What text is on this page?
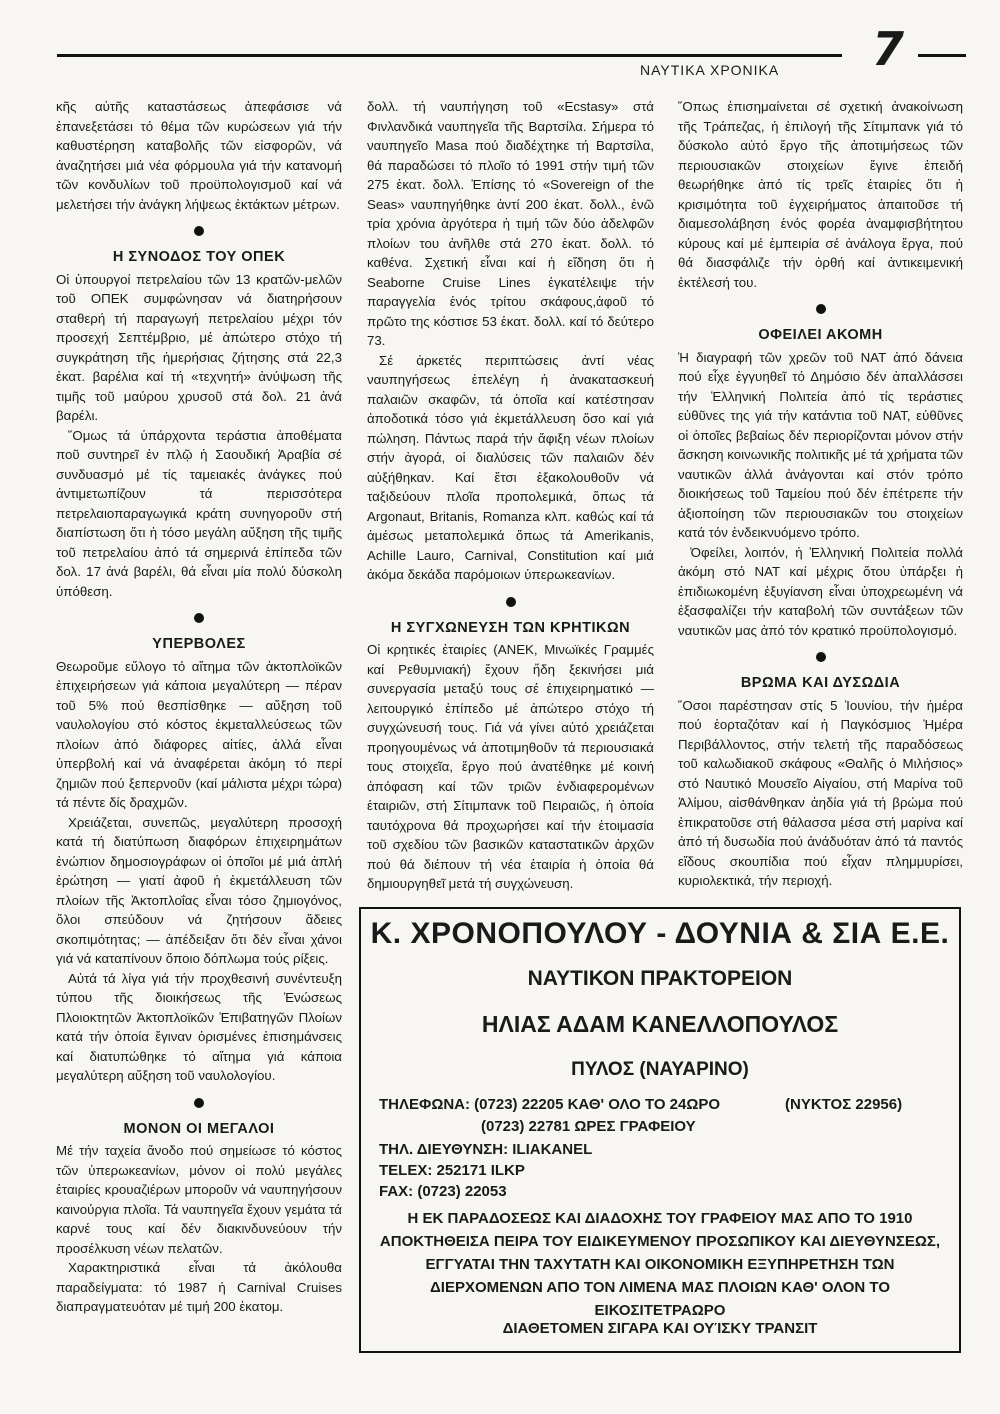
7
ΝΑΥΤΙΚΑ ΧΡΟΝΙΚΑ

κῆς αὐτῆς καταστάσεως ἀπεφάσισε νά ἐπανεξετάσει τό θέμα τῶν κυρώσεων γιά τήν καθυστέρηση καταβολῆς τῶν εἰσφορῶν, νά ἀναζητήσει μιά νέα φόρμουλα γιά τήν κατανομή τῶν κονδυλίων τοῦ προϋπολογισμοῦ καί νά μελετήσει τήν ἀνάγκη λήψεως ἐκτάκτων μέτρων.

Η ΣΥΝΟΔΟΣ ΤΟΥ ΟΠΕΚ

Οἱ ὑπουργοί πετρελαίου τῶν 13 κρατῶν-μελῶν τοῦ ΟΠΕΚ συμφώνησαν νά διατηρήσουν σταθερή τή παραγωγή πετρελαίου μέχρι τόν προσεχή Σεπτέμβριο, μέ ἀπώτερο στόχο τή συγκράτηση τῆς ἡμερήσιας ζήτησης στά 22,3 ἑκατ. βαρέλια καί τή «τεχνητή» ἀνύψωση τῆς τιμῆς τοῦ μαύρου χρυσοῦ στά δολ. 21 ἀνά βαρέλι.

῞Ομως τά ὑπάρχοντα τεράστια ἀποθέματα ποῦ συντηρεῖ ἐν πλῷ ἡ Σαουδική Ἀραβία σέ συνδυασμό μέ τίς ταμειακές ἀνάγκες πού ἀντιμετωπίζουν τά περισσότερα πετρελαιοπαραγωγικά κράτη συνηγοροῦν στή διαπίστωση ὅτι ἡ τόσο μεγάλη αὔξηση τῆς τιμῆς τοῦ πετρελαίου ἀπό τά σημερινά ἐπίπεδα τῶν δολ. 17 ἀνά βαρέλι, θά εἶναι μία πολύ δύσκολη ὑπόθεση.

ΥΠΕΡΒΟΛΕΣ

Θεωροῦμε εὔλογο τό αἴτημα τῶν ἀκτοπλοϊκῶν ἐπιχειρήσεων γιά κάποια μεγαλύτερη — πέραν τοῦ 5% πού θεσπίσθηκε — αὔξηση τοῦ ναυλολογίου στό κόστος ἐκμεταλλεύσεως τῶν πλοίων ἀπό διάφορες αἰτίες, ἀλλά εἶναι ὑπερβολή καί νά ἀναφέρεται ἀκόμη τό περί ζημιῶν πού ξεπερνοῦν (καί μάλιστα μέχρι τώρα) τά πέντε δίς δραχμῶν.

Χρειάζεται, συνεπῶς, μεγαλύτερη προσοχή κατά τή διατύπωση διαφόρων ἐπιχειρημάτων ἐνώπιον δημοσιογράφων οἱ ὁποῖοι μέ μιά ἁπλή ἐρώτηση — γιατί ἀφοῦ ἡ ἐκμετάλλευση τῶν πλοίων τῆς Ἀκτοπλοΐας εἶναι τόσο ζημιογόνος, ὅλοι σπεύδουν νά ζητήσουν ἄδειες σκοπιμότητας; — ἀπέδειξαν ὅτι δέν εἶναι χάνοι γιά νά καταπίνουν ὅποιο δόπλωμα τούς ρίξεις.

Αὐτά τά λίγα γιά τήν προχθεσινή συνέντευξη τύπου τῆς διοικήσεως τῆς Ἑνώσεως Πλοιοκτητῶν Ἀκτοπλοϊκῶν Ἐπιβατηγῶν Πλοίων κατά τήν ὁποία ἔγιναν ὁρισμένες ἐπισημάνσεις καί διατυπώθηκε τό αἴτημα γιά κάποια μεγαλύτερη αὔξηση τοῦ ναυλολογίου.

ΜΟΝΟΝ ΟΙ ΜΕΓΑΛΟΙ

Μέ τήν ταχεία ἄνοδο πού σημείωσε τό κόστος τῶν ὑπερωκεανίων, μόνον οἱ πολύ μεγάλες ἑταιρίες κρουαζιέρων μποροῦν νά ναυπηγήσουν καινούργια πλοῖα. Τά ναυπηγεῖα ἔχουν γεμάτα τά καρνέ τους καί δέν διακινδυνεύουν τήν προσέλκυση νέων πελατῶν.

Χαρακτηριστικά εἶναι τά ἀκόλουθα παραδείγματα: τό 1987 ἡ Carnival Cruises διαπραγματευόταν μέ τιμή 200 ἑκατομ.

δολλ. τή ναυπήγηση τοῦ «Ecstasy» στά Φινλανδικά ναυπηγεῖα τῆς Βαρτσίλα. Σήμερα τό ναυπηγεῖο Masa πού διαδέχτηκε τή Βαρτσίλα, θά παραδώσει τό πλοῖο τό 1991 στήν τιμή τῶν 275 ἑκατ. δολλ. Ἐπίσης τό «Sovereign of the Seas» ναυπηγήθηκε ἀντί 200 ἑκατ. δολλ., ἐνῶ τρία χρόνια ἀργότερα ἡ τιμή τῶν δύο ἀδελφῶν πλοίων του ἀνῆλθε στά 270 ἑκατ. δολλ. τό καθένα. Σχετική εἶναι καί ἡ εἴδηση ὅτι ἡ Seaborne Cruise Lines ἐγκατέλειψε τήν παραγγελία ἑνός τρίτου σκάφους,ἀφοῦ τό πρῶτο της κόστισε 53 ἑκατ. δολλ. καί τό δεύτερο 73.

Σέ ἀρκετές περιπτώσεις ἀντί νέας ναυπηγήσεως ἐπελέγη ἡ ἀνακατασκευή παλαιῶν σκαφῶν, τά ὁποῖα καί κατέστησαν ἀποδοτικά τόσο γιά ἐκμετάλλευση ὅσο καί γιά πώληση. Πάντως παρά τήν ἄφιξη νέων πλοίων στήν ἀγορά, οἱ διαλύσεις τῶν παλαιῶν δέν αὐξήθηκαν. Καί ἔτσι ἐξακολουθοῦν νά ταξιδεύουν πλοῖα προπολεμικά, ὅπως τά Argonaut, Britanis, Romanza κλπ. καθώς καί τά ἀμέσως μεταπολεμικά ὅπως τά Amerikanis, Achille Lauro, Carnival, Constitution καί μιά ἀκόμα δεκάδα παρόμοιων ὑπερωκεανίων.

Η ΣΥΓΧΩΝΕΥΣΗ ΤΩΝ ΚΡΗΤΙΚΩΝ

Οἱ κρητικές ἑταιρίες (ΑΝΕΚ, Μινωϊκές Γραμμές καί Ρεθυμνιακή) ἔχουν ἤδη ξεκινήσει μιά συνεργασία μεταξύ τους σέ ἐπιχειρηματικό — λειτουργικό ἐπίπεδο μέ ἀπώτερο στόχο τή συγχώνευσή τους. Γιά νά γίνει αὐτό χρειάζεται προηγουμένως νά ἀποτιμηθοῦν τά περιουσιακά τους στοιχεῖα, ἔργο πού ἀνατέθηκε μέ κοινή ἀπόφαση καί τῶν τριῶν ἐνδιαφερομένων ἑταιριῶν, στή Σίτιμπανκ τοῦ Πειραιῶς, ἡ ὁποία ταυτόχρονα θά προχωρήσει καί τήν ἑτοιμασία τοῦ σχεδίου τῶν βασικῶν καταστατικῶν ἀρχῶν πού θά διέπουν τή νέα ἑταιρία ἡ ὁποία θά δημιουργηθεῖ μετά τή συγχώνευση.

῞Οπως ἐπισημαίνεται σέ σχετική ἀνακοίνωση τῆς Τράπεζας, ἡ ἐπιλογή τῆς Σίτιμπανκ γιά τό δύσκολο αὐτό ἔργο τῆς ἀποτιμήσεως τῶν περιουσιακῶν στοιχείων ἔγινε ἐπειδή θεωρήθηκε ἀπό τίς τρεῖς ἑταιρίες ὅτι ἡ κρισιμότητα τοῦ ἐγχειρήματος ἀπαιτοῦσε τή διαμεσολάβηση ἑνός φορέα ἀναμφισβήτητου κύρους καί μέ ἐμπειρία σέ ἀνάλογα ἔργα, πού θά διασφάλιζε τήν ὀρθή καί ἀντικειμενική ἐκτέλεσή του.

ΟΦΕΙΛΕΙ ΑΚΟΜΗ

Ἡ διαγραφή τῶν χρεῶν τοῦ ΝΑΤ ἀπό δάνεια πού εἶχε ἐγγυηθεῖ τό Δημόσιο δέν ἀπαλλάσσει τήν Ἑλληνική Πολιτεία ἀπό τίς τεράστιες εὐθῦνες της γιά τήν κατάντια τοῦ ΝΑΤ, εὐθῦνες οἱ ὁποῖες βεβαίως δέν περιορίζονται μόνον στήν ἄσκηση κοινωνικῆς πολιτικῆς μέ τά χρήματα τῶν ναυτικῶν ἀλλά ἀνάγονται καί στόν τρόπο διοικήσεως τοῦ Ταμείου πού δέν ἐπέτρεπε τήν ἀξιοποίηση τῶν περιουσιακῶν του στοιχείων κατά τόν ἐνδεικνυόμενο τρόπο.

Ὀφείλει, λοιπόν, ἡ Ἑλληνική Πολιτεία πολλά ἀκόμη στό ΝΑΤ καί μέχρις ὅτου ὑπάρξει ἡ ἐπιδιωκομένη ἐξυγίανση εἶναι ὑποχρεωμένη νά ἐξασφαλίζει τήν καταβολή τῶν συντάξεων τῶν ναυτικῶν μας ἀπό τόν κρατικό προϋπολογισμό.

ΒΡΩΜΑ ΚΑΙ ΔΥΣΩΔΙΑ

῞Οσοι παρέστησαν στίς 5 Ἰουνίου, τήν ἡμέρα πού ἑορταζόταν καί ἡ Παγκόσμιος Ἡμέρα Περιβάλλοντος, στήν τελετή τῆς παραδόσεως τοῦ καλωδιακοῦ σκάφους «Θαλῆς ὁ Μιλήσιος» στό Ναυτικό Μουσεῖο Αἰγαίου, στή Μαρίνα τοῦ Ἀλίμου, αἰσθάνθηκαν ἀηδία γιά τή βρώμα πού ἐπικρατοῦσε στή θάλασσα μέσα στή μαρίνα καί ἀπό τή δυσωδία πού ἀνάδυόταν ἀπό τά παντός εἴδους σκουπίδια πού εἶχαν πλημμυρίσει, κυριολεκτικά, τήν περιοχή.

Κ. ΧΡΟΝΟΠΟΥΛΟΥ - ΔΟΥΝΙΑ & ΣΙΑ Ε.Ε.
ΝΑΥΤΙΚΟΝ ΠΡΑΚΤΟΡΕΙΟΝ
ΗΛΙΑΣ ΑΔΑΜ ΚΑΝΕΛΛΟΠΟΥΛΟΣ
ΠΥΛΟΣ (ΝΑΥΑΡΙΝΟ)
ΤΗΛΕΦΩΝΑ: (0723) 22205 ΚΑΘ' ΟΛΟ ΤΟ 24ΩΡΟ	(ΝΥΚΤΟΣ 22956)
(0723) 22781 ΩΡΕΣ ΓΡΑΦΕΙΟΥ
ΤΗΛ. ΔΙΕΥΘΥΝΣΗ: ILIAKANEL
TELEX: 252171 ILKP
FAX: (0723) 22053
Η ΕΚ ΠΑΡΑΔΟΣΕΩΣ ΚΑΙ ΔΙΑΔΟΧΗΣ ΤΟΥ ΓΡΑΦΕΙΟΥ ΜΑΣ ΑΠΟ ΤΟ 1910 ΑΠΟΚΤΗΘΕΙΣΑ ΠΕΙΡΑ ΤΟΥ ΕΙΔΙΚΕΥΜΕΝΟΥ ΠΡΟΣΩΠΙΚΟΥ ΚΑΙ ΔΙΕΥΘΥΝΣΕΩΣ, ΕΓΓΥΑΤΑΙ ΤΗΝ ΤΑΧΥΤΑΤΗ ΚΑΙ ΟΙΚΟΝΟΜΙΚΗ ΕΞΥΠΗΡΕΤΗΣΗ ΤΩΝ ΔΙΕΡΧΟΜΕΝΩΝ ΑΠΟ ΤΟΝ ΛΙΜΕΝΑ ΜΑΣ ΠΛΟΙΩΝ ΚΑΘ' ΟΛΟΝ ΤΟ ΕΙΚΟΣΙΤΕΤΡΑΩΡΟ
ΔΙΑΘΕΤΟΜΕΝ ΣΙΓΑΡΑ ΚΑΙ ΟΥΊΣΚΥ ΤΡΑΝΣΙΤ
